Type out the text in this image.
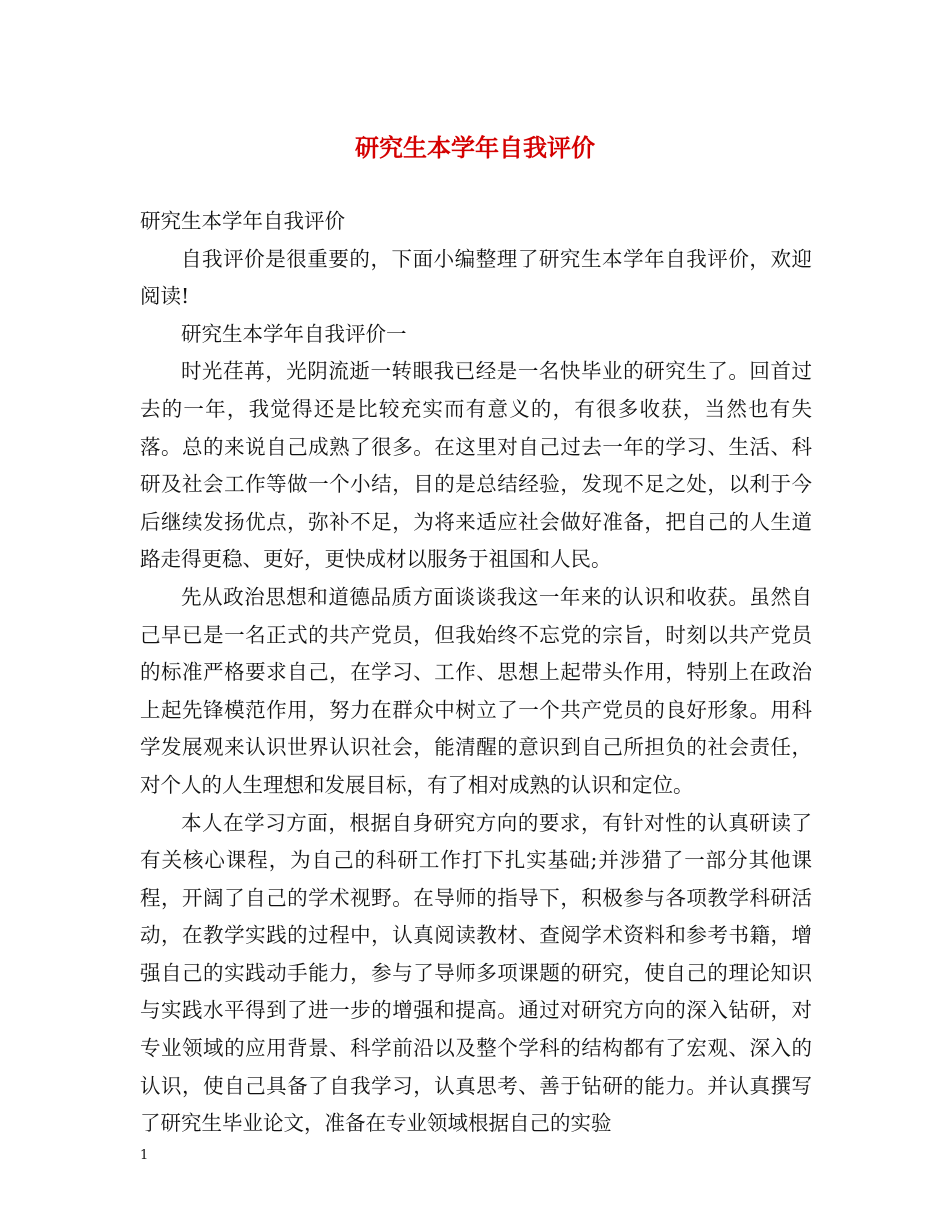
研究生本学年自我评价

研究生本学年自我评价

自我评价是很重要的，下面小编整理了研究生本学年自我评价，欢迎阅读!

研究生本学年自我评价一

时光荏苒，光阴流逝一转眼我已经是一名快毕业的研究生了。回首过去的一年，我觉得还是比较充实而有意义的，有很多收获，当然也有失落。总的来说自己成熟了很多。在这里对自己过去一年的学习、生活、科研及社会工作等做一个小结，目的是总结经验，发现不足之处，以利于今后继续发扬优点，弥补不足，为将来适应社会做好准备，把自己的人生道路走得更稳、更好，更快成材以服务于祖国和人民。

先从政治思想和道德品质方面谈谈我这一年来的认识和收获。虽然自己早已是一名正式的共产党员，但我始终不忘党的宗旨，时刻以共产党员的标准严格要求自己，在学习、工作、思想上起带头作用，特别上在政治上起先锋模范作用，努力在群众中树立了一个共产党员的良好形象。用科学发展观来认识世界认识社会，能清醒的意识到自己所担负的社会责任，对个人的人生理想和发展目标，有了相对成熟的认识和定位。

本人在学习方面，根据自身研究方向的要求，有针对性的认真研读了有关核心课程，为自己的科研工作打下扎实基础;并涉猎了一部分其他课程，开阔了自己的学术视野。在导师的指导下，积极参与各项教学科研活动，在教学实践的过程中，认真阅读教材、查阅学术资料和参考书籍，增强自己的实践动手能力，参与了导师多项课题的研究，使自己的理论知识与实践水平得到了进一步的增强和提高。通过对研究方向的深入钻研，对专业领域的应用背景、科学前沿以及整个学科的结构都有了宏观、深入的认识，使自己具备了自我学习，认真思考、善于钻研的能力。并认真撰写了研究生毕业论文，准备在专业领域根据自己的实验

1
